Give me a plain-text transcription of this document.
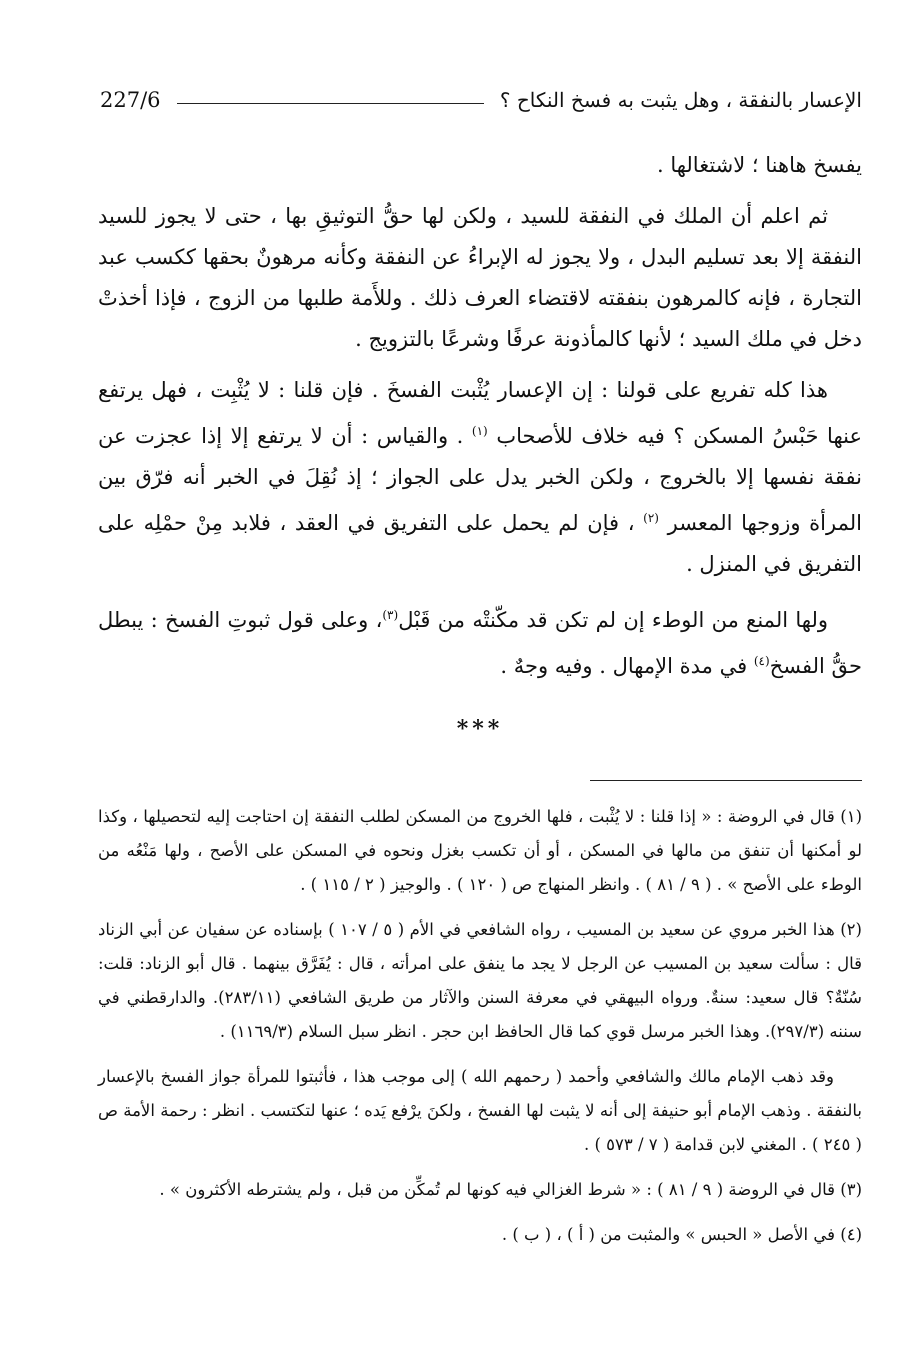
الإعسار بالنفقة ، وهل يثبت به فسخ النكاح ؟
227/6

يفسخ هاهنا ؛ لاشتغالها .

ثم اعلم أن الملك في النفقة للسيد ، ولكن لها حقُّ التوثيقِ بها ، حتى لا يجوز للسيد النفقة إلا بعد تسليم البدل ، ولا يجوز له الإبراءُ عن النفقة وكأنه مرهونٌ بحقها ككسب عبد التجارة ، فإنه كالمرهون بنفقته لاقتضاء العرف ذلك . وللأَمة طلبها من الزوج ، فإذا أخذتْ دخل في ملك السيد ؛ لأنها كالمأذونة عرفًا وشرعًا بالتزويج .

هذا كله تفريع على قولنا : إن الإعسار يُثْبت الفسخَ . فإن قلنا : لا يُثْبِت ، فهل يرتفع عنها حَبْسُ المسكن ؟ فيه خلاف للأصحاب $^{(١)}$ . والقياس : أن لا يرتفع إلا إذا عجزت عن نفقة نفسها إلا بالخروج ، ولكن الخبر يدل على الجواز ؛ إذ نُقِلَ في الخبر أنه فرّق بين المرأة وزوجها المعسر $^{(٢)}$ ، فإن لم يحمل على التفريق في العقد ، فلابد مِنْ حمْلِه على التفريق في المنزل .

ولها المنع من الوطء إن لم تكن قد مكّنتْه من قَبْل$^{(٣)}$، وعلى قول ثبوتِ الفسخ : يبطل حقُّ الفسخ$^{(٤)}$ في مدة الإمهال . وفيه وجهٌ .

***

(١) قال في الروضة : « إذا قلنا : لا يُثْبت ، فلها الخروج من المسكن لطلب النفقة إن احتاجت إليه لتحصيلها ، وكذا لو أمكنها أن تنفق من مالها في المسكن ، أو أن تكسب بغزل ونحوه في المسكن على الأصح ، ولها مَنْعُه من الوطء على الأصح » . ( ٩ / ٨١ ) . وانظر المنهاج ص ( ١٢٠ ) . والوجيز ( ٢ / ١١٥ ) .

(٢) هذا الخبر مروي عن سعيد بن المسيب ، رواه الشافعي في الأم ( ٥ / ١٠٧ ) بإسناده عن سفيان عن أبي الزناد قال : سألت سعيد بن المسيب عن الرجل لا يجد ما ينفق على امرأته ، قال : يُفَرَّق بينهما . قال أبو الزناد: قلت: سُنّةٌ؟ قال سعيد: سنةٌ. ورواه البيهقي في معرفة السنن والآثار من طريق الشافعي (٢٨٣/١١). والدارقطني في سننه (٢٩٧/٣). وهذا الخبر مرسل قوي كما قال الحافظ ابن حجر . انظر سبل السلام (١١٦٩/٣) .

وقد ذهب الإمام مالك والشافعي وأحمد ( رحمهم الله ) إلى موجب هذا ، فأثبتوا للمرأة جواز الفسخ بالإعسار بالنفقة . وذهب الإمام أبو حنيفة إلى أنه لا يثبت لها الفسخ ، ولكنَ يرْفع يَده ؛ عنها لتكتسب . انظر : رحمة الأمة ص ( ٢٤٥ ) . المغني لابن قدامة ( ٧ / ٥٧٣ ) .

(٣) قال في الروضة ( ٩ / ٨١ ) : « شرط الغزالي فيه كونها لم تُمكِّن من قبل ، ولم يشترطه الأكثرون » .

(٤) في الأصل « الحبس » والمثبت من ( أ ) ، ( ب ) .
